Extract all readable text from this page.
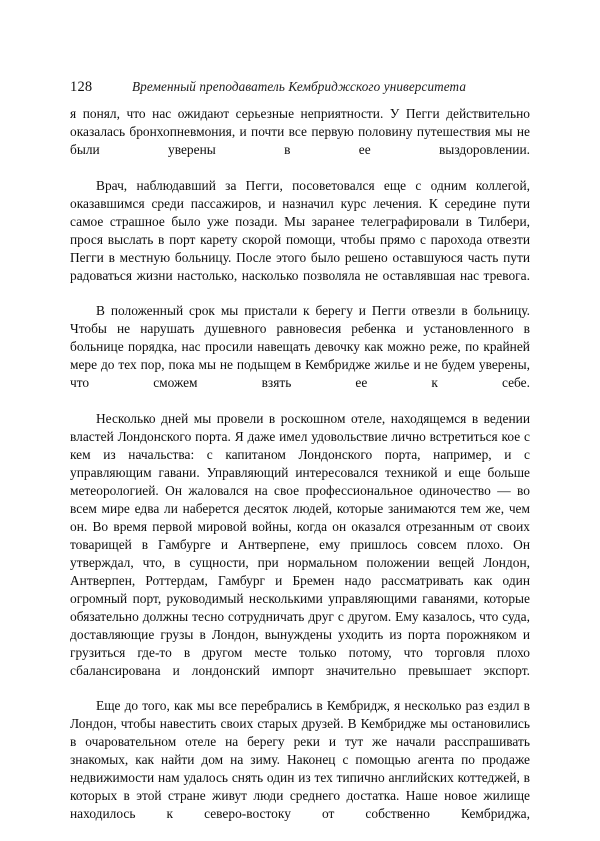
128	Временный преподаватель Кембриджского университета

я понял, что нас ожидают серьезные неприятности. У Пегги действительно оказалась бронхопневмония, и почти все первую половину путешествия мы не были уверены в ее выздоровлении.

Врач, наблюдавший за Пегги, посоветовался еще с одним коллегой, оказавшимся среди пассажиров, и назначил курс лечения. К середине пути самое страшное было уже позади. Мы заранее телеграфировали в Тилбери, прося выслать в порт карету скорой помощи, чтобы прямо с парохода отвезти Пегги в местную больницу. После этого было решено оставшуюся часть пути радоваться жизни настолько, насколько позволяла не оставлявшая нас тревога.

В положенный срок мы пристали к берегу и Пегги отвезли в больницу. Чтобы не нарушать душевного равновесия ребенка и установленного в больнице порядка, нас просили навещать девочку как можно реже, по крайней мере до тех пор, пока мы не подыщем в Кембридже жилье и не будем уверены, что сможем взять ее к себе.

Несколько дней мы провели в роскошном отеле, находящемся в ведении властей Лондонского порта. Я даже имел удовольствие лично встретиться кое с кем из начальства: с капитаном Лондонского порта, например, и с управляющим гавани. Управляющий интересовался техникой и еще больше метеорологией. Он жаловался на свое профессиональное одиночество — во всем мире едва ли наберется десяток людей, которые занимаются тем же, чем он. Во время первой мировой войны, когда он оказался отрезанным от своих товарищей в Гамбурге и Антверпене, ему пришлось совсем плохо. Он утверждал, что, в сущности, при нормальном положении вещей Лондон, Антверпен, Роттердам, Гамбург и Бремен надо рассматривать как один огромный порт, руководимый несколькими управляющими гаванями, которые обязательно должны тесно сотрудничать друг с другом. Ему казалось, что суда, доставляющие грузы в Лондон, вынуждены уходить из порта порожняком и грузиться где-то в другом месте только потому, что торговля плохо сбалансирована и лондонский импорт значительно превышает экспорт.

Еще до того, как мы все перебрались в Кембридж, я несколько раз ездил в Лондон, чтобы навестить своих старых друзей. В Кембридже мы остановились в очаровательном отеле на берегу реки и тут же начали расспрашивать знакомых, как найти дом на зиму. Наконец с помощью агента по продаже недвижимости нам удалось снять один из тех типично английских коттеджей, в которых в этой стране живут люди среднего достатка. Наше новое жилище находилось к северо-востоку от собственно Кембриджа,
